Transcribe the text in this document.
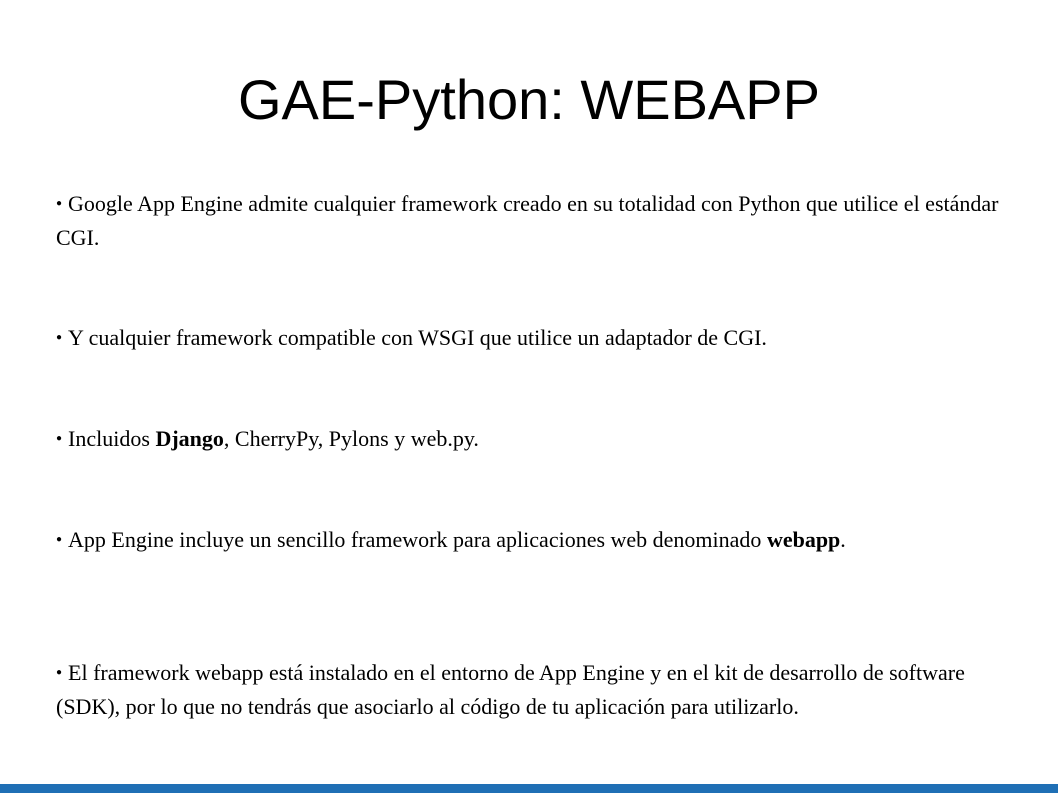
GAE-Python: WEBAPP

● Google App Engine admite cualquier framework creado en su totalidad con Python que utilice el estándar CGI.

● Y cualquier framework compatible con WSGI que utilice un adaptador de CGI.

● Incluidos Django, CherryPy, Pylons y web.py.

● App Engine incluye un sencillo framework para aplicaciones web denominado webapp.

● El framework webapp está instalado en el entorno de App Engine y en el kit de desarrollo de software (SDK), por lo que no tendrás que asociarlo al código de tu aplicación para utilizarlo.
